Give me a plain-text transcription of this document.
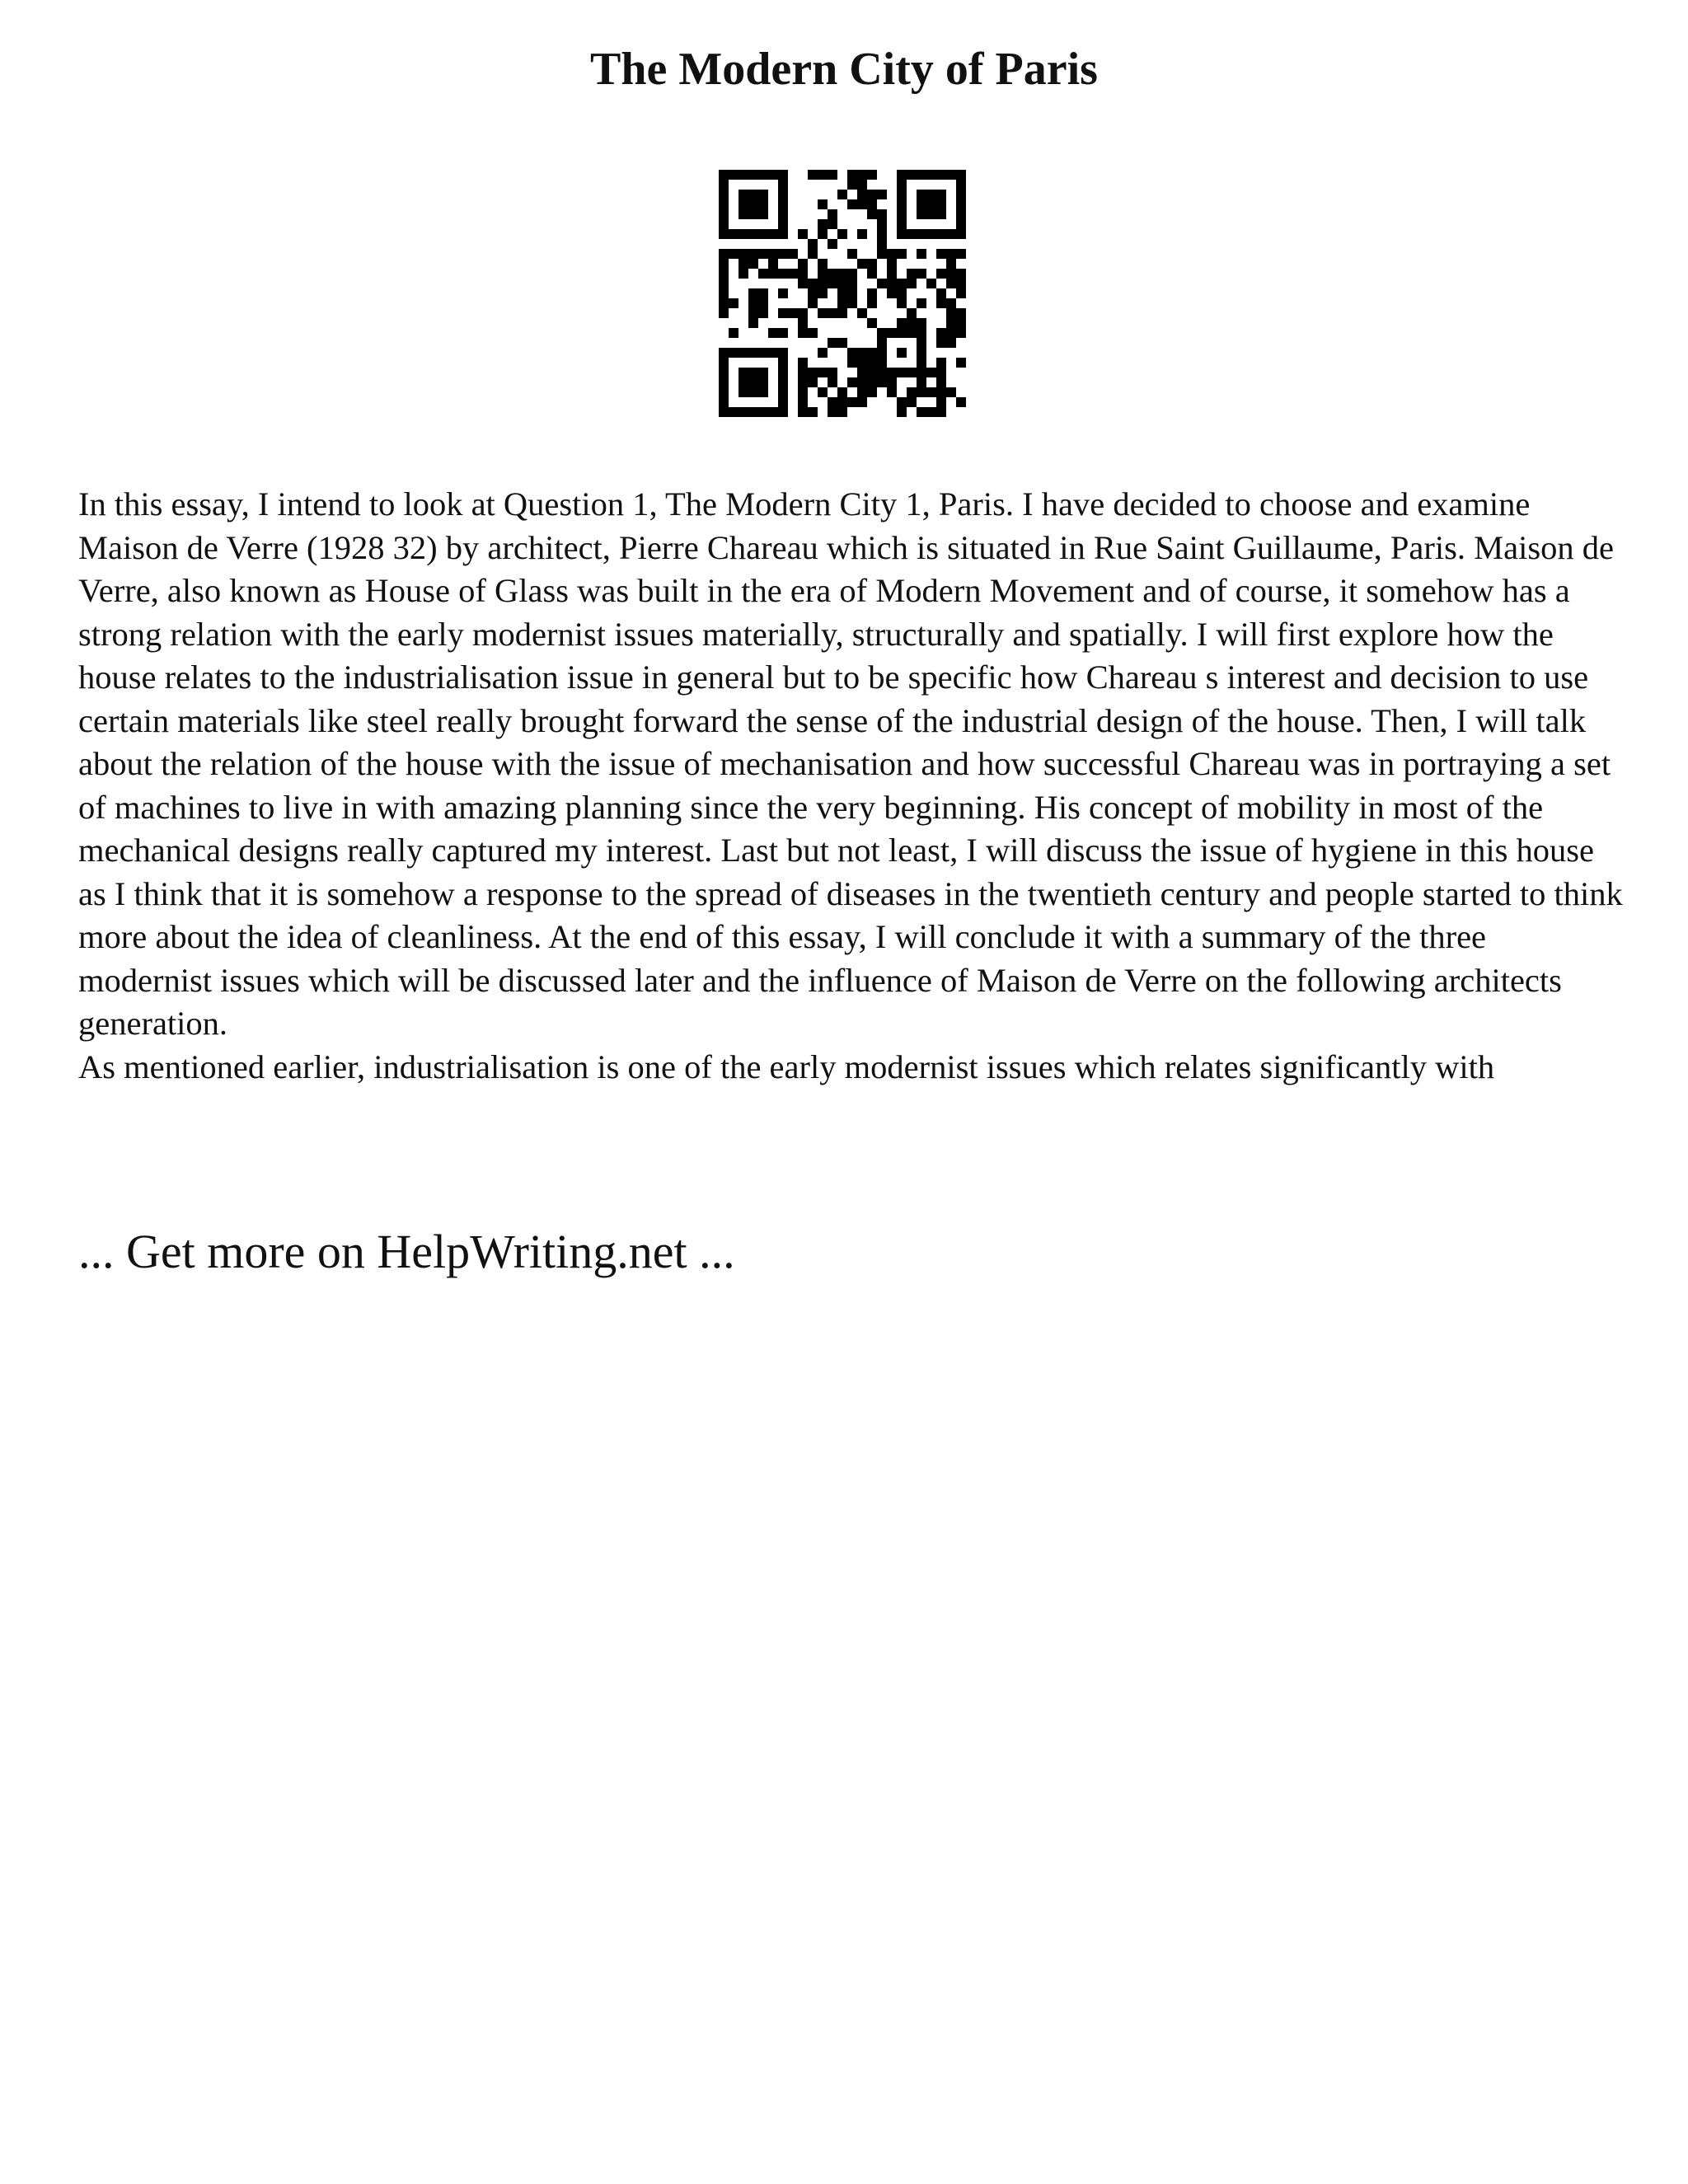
The Modern City of Paris

In this essay, I intend to look at Question 1, The Modern City 1, Paris. I have decided to choose and examine Maison de Verre (1928 32) by architect, Pierre Chareau which is situated in Rue Saint Guillaume, Paris. Maison de Verre, also known as House of Glass was built in the era of Modern Movement and of course, it somehow has a strong relation with the early modernist issues materially, structurally and spatially. I will first explore how the house relates to the industrialisation issue in general but to be specific how Chareau s interest and decision to use certain materials like steel really brought forward the sense of the industrial design of the house. Then, I will talk about the relation of the house with the issue of mechanisation and how successful Chareau was in portraying a set of machines to live in with amazing planning since the very beginning. His concept of mobility in most of the mechanical designs really captured my interest. Last but not least, I will discuss the issue of hygiene in this house as I think that it is somehow a response to the spread of diseases in the twentieth century and people started to think more about the idea of cleanliness. At the end of this essay, I will conclude it with a summary of the three modernist issues which will be discussed later and the influence of Maison de Verre on the following architects generation.

As mentioned earlier, industrialisation is one of the early modernist issues which relates significantly with

... Get more on HelpWriting.net ...
